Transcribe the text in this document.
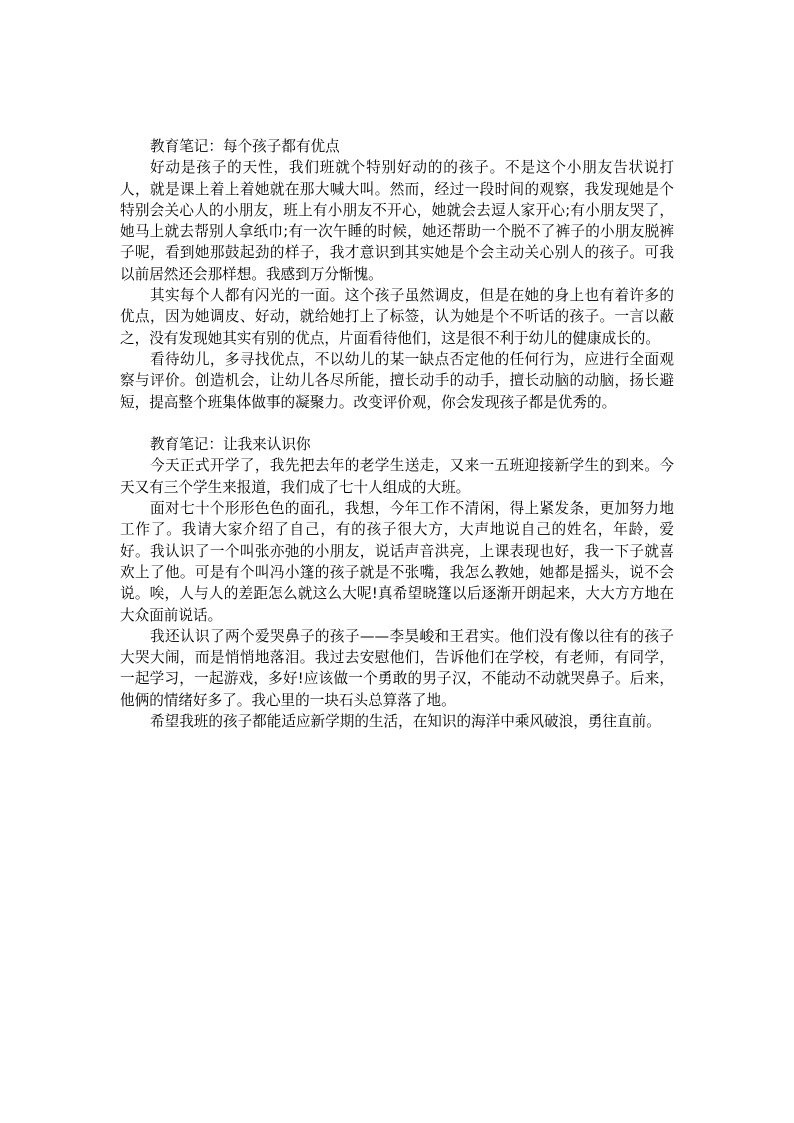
教育笔记：每个孩子都有优点

好动是孩子的天性，我们班就个特别好动的的孩子。不是这个小朋友告状说打人，就是课上着上着她就在那大喊大叫。然而，经过一段时间的观察，我发现她是个特别会关心人的小朋友，班上有小朋友不开心，她就会去逗人家开心;有小朋友哭了，她马上就去帮别人拿纸巾;有一次午睡的时候，她还帮助一个脱不了裤子的小朋友脱裤子呢，看到她那鼓起劲的样子，我才意识到其实她是个会主动关心别人的孩子。可我以前居然还会那样想。我感到万分惭愧。

其实每个人都有闪光的一面。这个孩子虽然调皮，但是在她的身上也有着许多的优点，因为她调皮、好动，就给她打上了标签，认为她是个不听话的孩子。一言以蔽之，没有发现她其实有别的优点，片面看待他们，这是很不利于幼儿的健康成长的。

看待幼儿，多寻找优点，不以幼儿的某一缺点否定他的任何行为，应进行全面观察与评价。创造机会，让幼儿各尽所能，擅长动手的动手，擅长动脑的动脑，扬长避短，提高整个班集体做事的凝聚力。改变评价观，你会发现孩子都是优秀的。

教育笔记：让我来认识你

今天正式开学了，我先把去年的老学生送走，又来一五班迎接新学生的到来。今天又有三个学生来报道，我们成了七十人组成的大班。

面对七十个形形色色的面孔，我想，今年工作不清闲，得上紧发条，更加努力地工作了。我请大家介绍了自己，有的孩子很大方，大声地说自己的姓名，年龄，爱好。我认识了一个叫张亦弛的小朋友，说话声音洪亮，上课表现也好，我一下子就喜欢上了他。可是有个叫冯小篷的孩子就是不张嘴，我怎么教她，她都是摇头，说不会说。唉，人与人的差距怎么就这么大呢!真希望晓篷以后逐渐开朗起来，大大方方地在大众面前说话。

我还认识了两个爱哭鼻子的孩子——李昊峻和王君实。他们没有像以往有的孩子大哭大闹，而是悄悄地落泪。我过去安慰他们，告诉他们在学校，有老师，有同学，一起学习，一起游戏，多好!应该做一个勇敢的男子汉，不能动不动就哭鼻子。后来，他俩的情绪好多了。我心里的一块石头总算落了地。

希望我班的孩子都能适应新学期的生活，在知识的海洋中乘风破浪，勇往直前。
